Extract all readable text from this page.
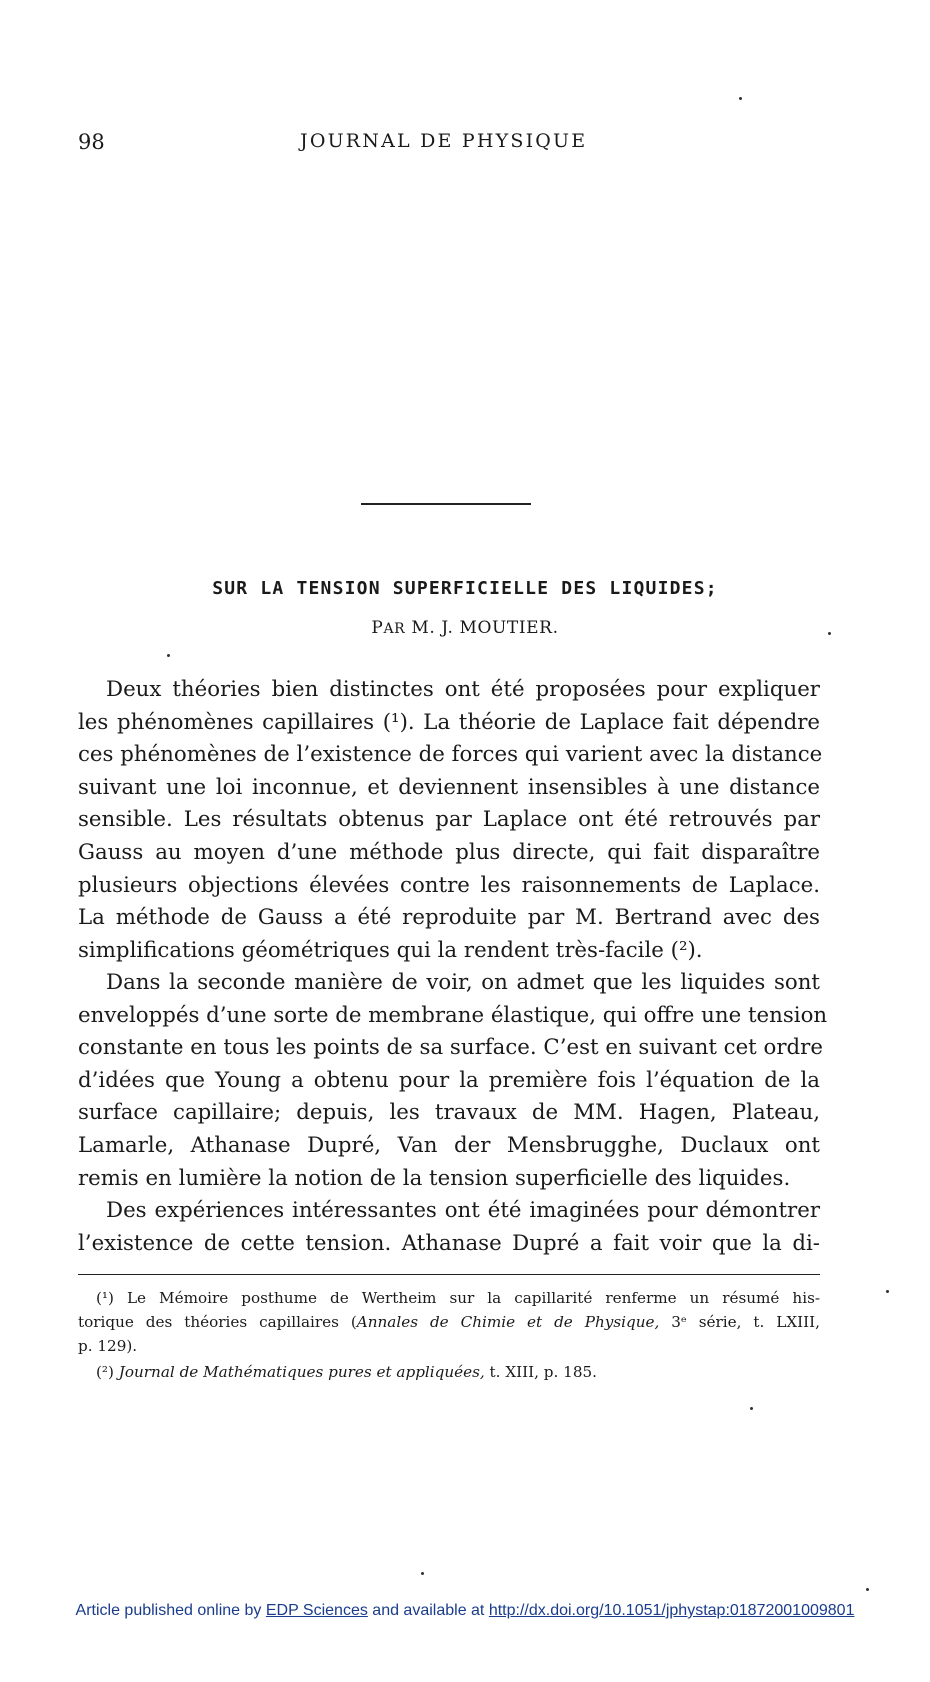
98	JOURNAL DE PHYSIQUE
SUR LA TENSION SUPERFICIELLE DES LIQUIDES;
PAR M. J. MOUTIER.
Deux théories bien distinctes ont été proposées pour expliquer
les phénomènes capillaires (¹). La théorie de Laplace fait dépendre
ces phénomènes de l’existence de forces qui varient avec la distance
suivant une loi inconnue, et deviennent insensibles à une distance
sensible. Les résultats obtenus par Laplace ont été retrouvés par
Gauss au moyen d’une méthode plus directe, qui fait disparaître
plusieurs objections élevées contre les raisonnements de Laplace.
La méthode de Gauss a été reproduite par M. Bertrand avec des
simplifications géométriques qui la rendent très-facile (²).
Dans la seconde manière de voir, on admet que les liquides sont
enveloppés d’une sorte de membrane élastique, qui offre une tension
constante en tous les points de sa surface. C’est en suivant cet ordre
d’idées que Young a obtenu pour la première fois l’équation de la
surface capillaire; depuis, les travaux de MM. Hagen, Plateau,
Lamarle, Athanase Dupré, Van der Mensbrugghe, Duclaux ont
remis en lumière la notion de la tension superficielle des liquides.
Des expériences intéressantes ont été imaginées pour démontrer
l’existence de cette tension. Athanase Dupré a fait voir que la di-
(¹) Le Mémoire posthume de Wertheim sur la capillarité renferme un résumé his-
torique des théories capillaires (Annales de Chimie et de Physique, 3ᵉ série, t. LXIII,
p. 129).
(²) Journal de Mathématiques pures et appliquées, t. XIII, p. 185.
Article published online by EDP Sciences and available at http://dx.doi.org/10.1051/jphystap:01872001009801
